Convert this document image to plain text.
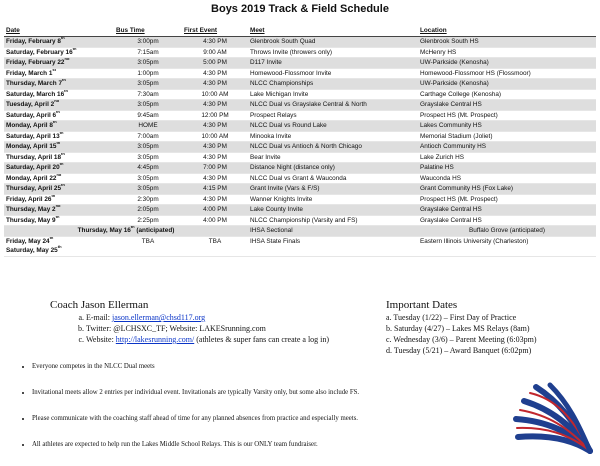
Boys 2019 Track & Field Schedule
Date	Bus Time	First Event	Meet	Location
Friday, February 8th	3:00pm	4:30 PM	Glenbrook South Quad	Glenbrook South HS
Saturday, February 16th	7:15am	9:00 AM	Throws Invite (throwers only)	McHenry HS
Friday, February 22nd	3:05pm	5:00 PM	D117 Invite	UW-Parkside (Kenosha)
Friday, March 1st	1:00pm	4:30 PM	Homewood-Flossmoor Invite	Homewood-Flossmoor HS (Flossmoor)
Thursday, March 7th	3:05pm	4:30 PM	NLCC Championships	UW-Parkside (Kenosha)
Saturday, March 16th	7:30am	10:00 AM	Lake Michigan Invite	Carthage College (Kenosha)
Tuesday, April 2nd	3:05pm	4:30 PM	NLCC Dual vs Grayslake Central & North	Grayslake Central HS
Saturday, April 6th	9:45am	12:00 PM	Prospect Relays	Prospect HS (Mt. Prospect)
Monday, April 8th	HOME	4:30 PM	NLCC Dual vs Round Lake	Lakes Community HS
Saturday, April 13th	7:00am	10:00 AM	Minooka Invite	Memorial Stadium (Joliet)
Monday, April 15th	3:05pm	4:30 PM	NLCC Dual vs Antioch & North Chicago	Antioch Community HS
Thursday, April 18th	3:05pm	4:30 PM	Bear Invite	Lake Zurich HS
Saturday, April 20th	4:45pm	7:00 PM	Distance Night (distance only)	Palatine HS
Monday, April 22nd	3:05pm	4:30 PM	NLCC Dual vs Grant & Wauconda	Wauconda HS
Thursday, April 25th	3:05pm	4:15 PM	Grant Invite (Vars & F/S)	Grant Community HS (Fox Lake)
Friday, April 26th	2:30pm	4:30 PM	Wanner Knights Invite	Prospect HS (Mt. Prospect)
Thursday, May 2nd	2:05pm	4:00 PM	Lake County Invite	Grayslake Central HS
Thursday, May 9th	2:25pm	4:00 PM	NLCC Championship (Varsity and FS)	Grayslake Central HS
Thursday, May 16th (anticipated)			IHSA Sectional	Buffalo Grove (anticipated)
Friday, May 24th
Saturday, May 25th	TBA	TBA	IHSA State Finals	Eastern Illinois University (Charleston)
Coach Jason Ellerman
a. E-mail: jason.ellerman@chsd117.org
b. Twitter: @LCHSXC_TF; Website: LAKESrunning.com
c. Website: http://lakesrunning.com/ (athletes & super fans can create a log in)
Important Dates
a. Tuesday (1/22) – First Day of Practice
b. Saturday (4/27) – Lakes MS Relays (8am)
c. Wednesday (3/6) – Parent Meeting (6:03pm)
d. Tuesday (5/21) – Award Banquet (6:02pm)
• Everyone competes in the NLCC Dual meets
• Invitational meets allow 2 entries per individual event. Invitationals are typically Varsity only, but some also include FS.
• Please communicate with the coaching staff ahead of time for any planned absences from practice and especially meets.
• All athletes are expected to help run the Lakes Middle School Relays. This is our ONLY team fundraiser.
